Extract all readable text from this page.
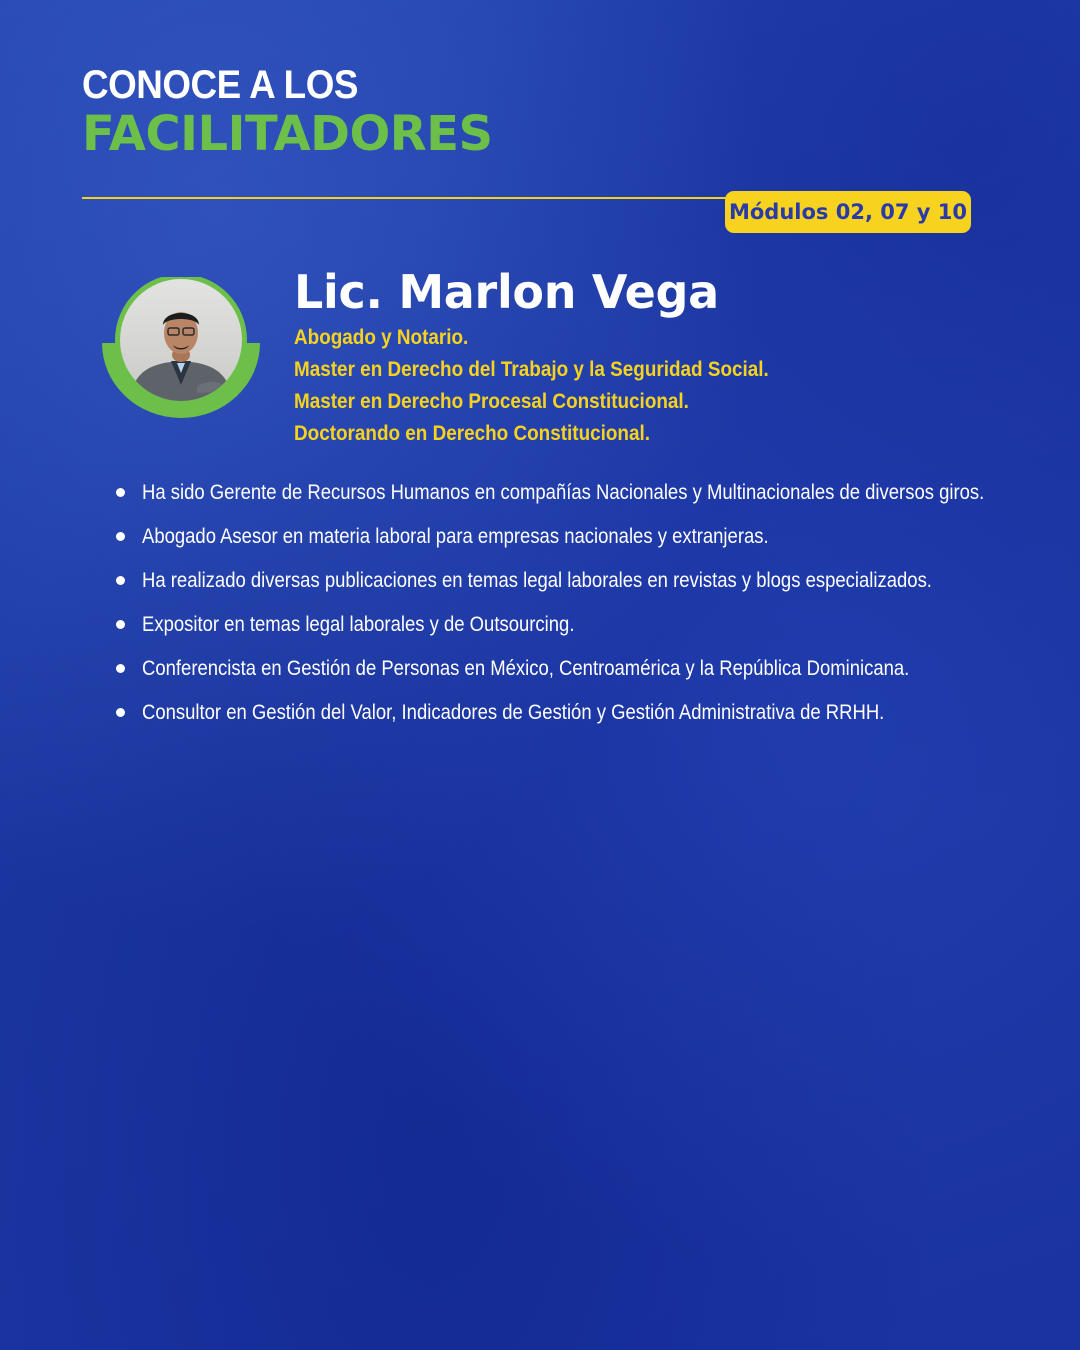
CONOCE A LOS
FACILITADORES
Módulos 02, 07 y 10
Lic. Marlon Vega
Abogado y Notario.
Master en Derecho del Trabajo y la Seguridad Social.
Master en Derecho Procesal Constitucional.
Doctorando en Derecho Constitucional.
Ha sido Gerente de Recursos Humanos en compañías Nacionales y Multinacionales de diversos giros.
Abogado Asesor en materia laboral para empresas nacionales y extranjeras.
Ha realizado diversas publicaciones en temas legal laborales en revistas y blogs especializados.
Expositor en temas legal laborales y de Outsourcing.
Conferencista en Gestión de Personas en México, Centroamérica y la República Dominicana.
Consultor en Gestión del Valor, Indicadores de Gestión y Gestión Administrativa de RRHH.
